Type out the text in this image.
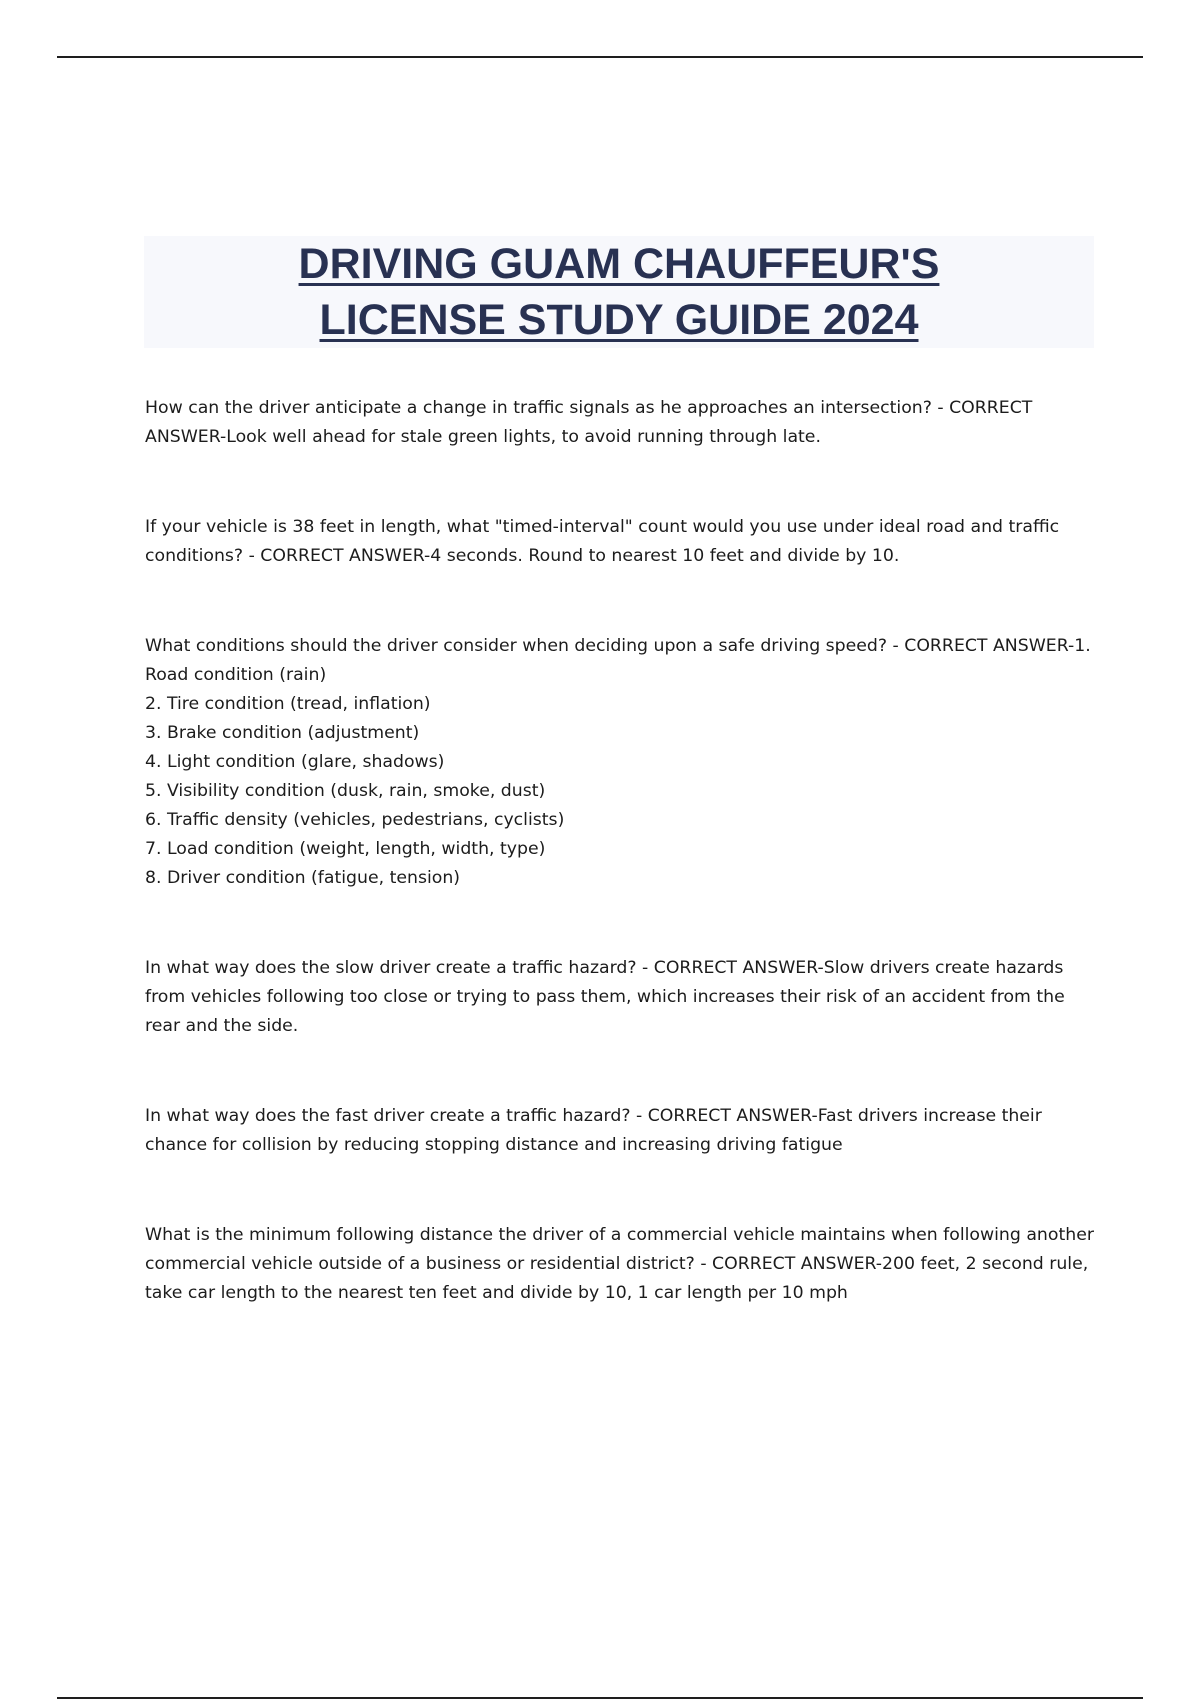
DRIVING GUAM CHAUFFEUR'S
LICENSE STUDY GUIDE 2024

How can the driver anticipate a change in traffic signals as he approaches an intersection? - CORRECT ANSWER-Look well ahead for stale green lights, to avoid running through late.

If your vehicle is 38 feet in length, what "timed-interval" count would you use under ideal road and traffic conditions? - CORRECT ANSWER-4 seconds. Round to nearest 10 feet and divide by 10.

What conditions should the driver consider when deciding upon a safe driving speed? - CORRECT ANSWER-1. Road condition (rain)

2. Tire condition (tread, inflation)

3. Brake condition (adjustment)

4. Light condition (glare, shadows)

5. Visibility condition (dusk, rain, smoke, dust)

6. Traffic density (vehicles, pedestrians, cyclists)

7. Load condition (weight, length, width, type)

8. Driver condition (fatigue, tension)

In what way does the slow driver create a traffic hazard? - CORRECT ANSWER-Slow drivers create hazards from vehicles following too close or trying to pass them, which increases their risk of an accident from the rear and the side.

In what way does the fast driver create a traffic hazard? - CORRECT ANSWER-Fast drivers increase their chance for collision by reducing stopping distance and increasing driving fatigue

What is the minimum following distance the driver of a commercial vehicle maintains when following another commercial vehicle outside of a business or residential district? - CORRECT ANSWER-200 feet, 2 second rule, take car length to the nearest ten feet and divide by 10, 1 car length per 10 mph
